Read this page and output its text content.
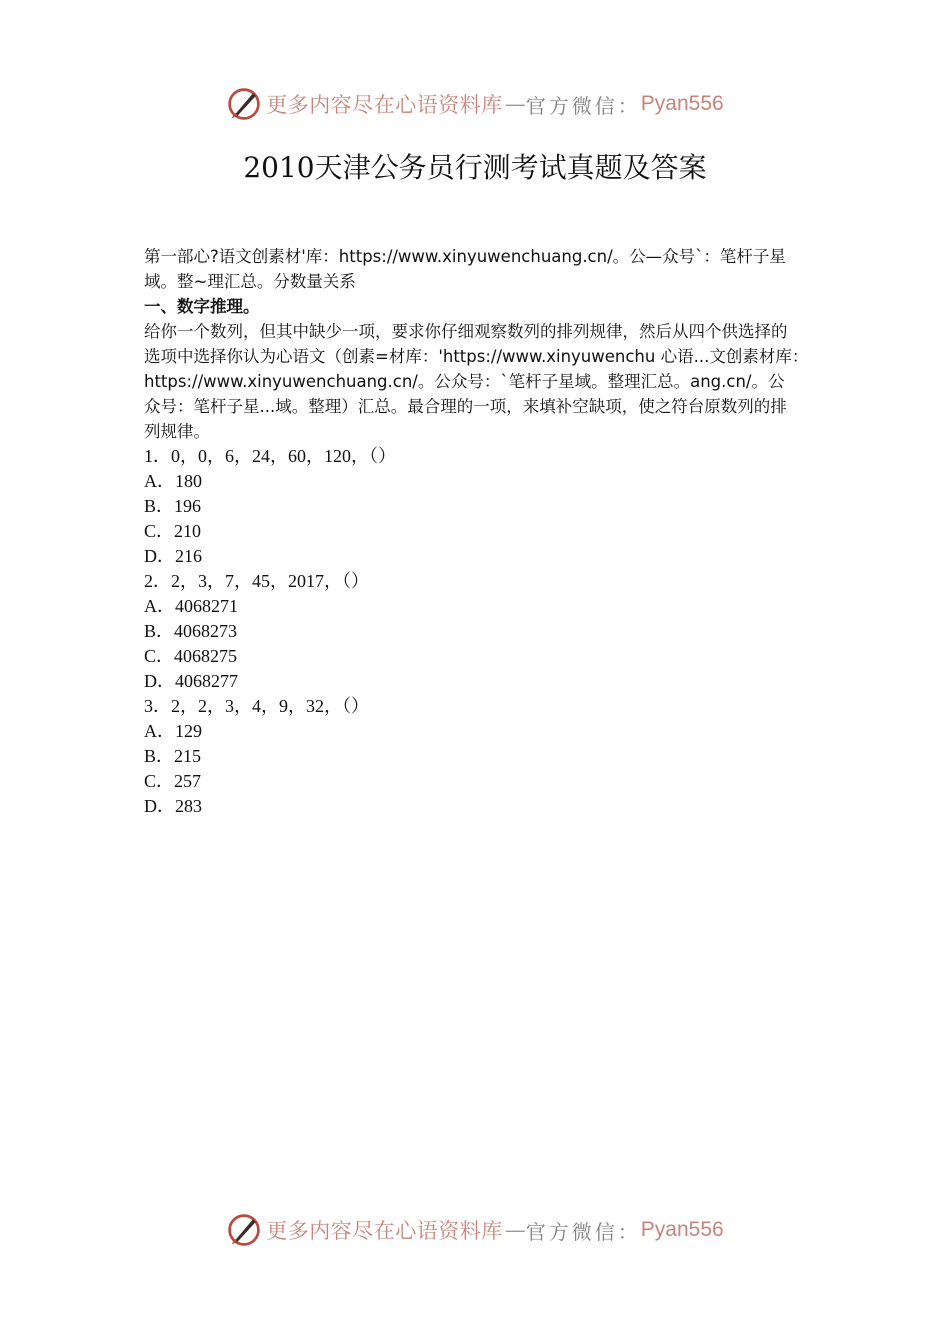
更多内容尽在心语资料库 — 官方微信： Pyan556
2010天津公务员行测考试真题及答案
第一部心?语文创素材'库：https://www.xinyuwenchuang.cn/。公—众号`：笔杆子星
域。整~理汇总。分数量关系
一、数字推理。
给你一个数列，但其中缺少一项，要求你仔细观察数列的排列规律，然后从四个供选择的
选项中选择你认为心语文（创素=材库：'https://www.xinyuwenchu 心语...文创素材库：
https://www.xinyuwenchuang.cn/。公众号：`笔杆子星域。整理汇总。ang.cn/。公
众号：笔杆子星...域。整理）汇总。最合理的一项，来填补空缺项，使之符台原数列的排
列规律。
1．0，0，6，24，60，120，（）
A．180
B．196
C．210
D．216
2．2，3，7，45，2017，（）
A．4068271
B．4068273
C．4068275
D．4068277
3．2，2，3，4，9，32，（）
A．129
B．215
C．257
D．283
更多内容尽在心语资料库 — 官方微信： Pyan556
